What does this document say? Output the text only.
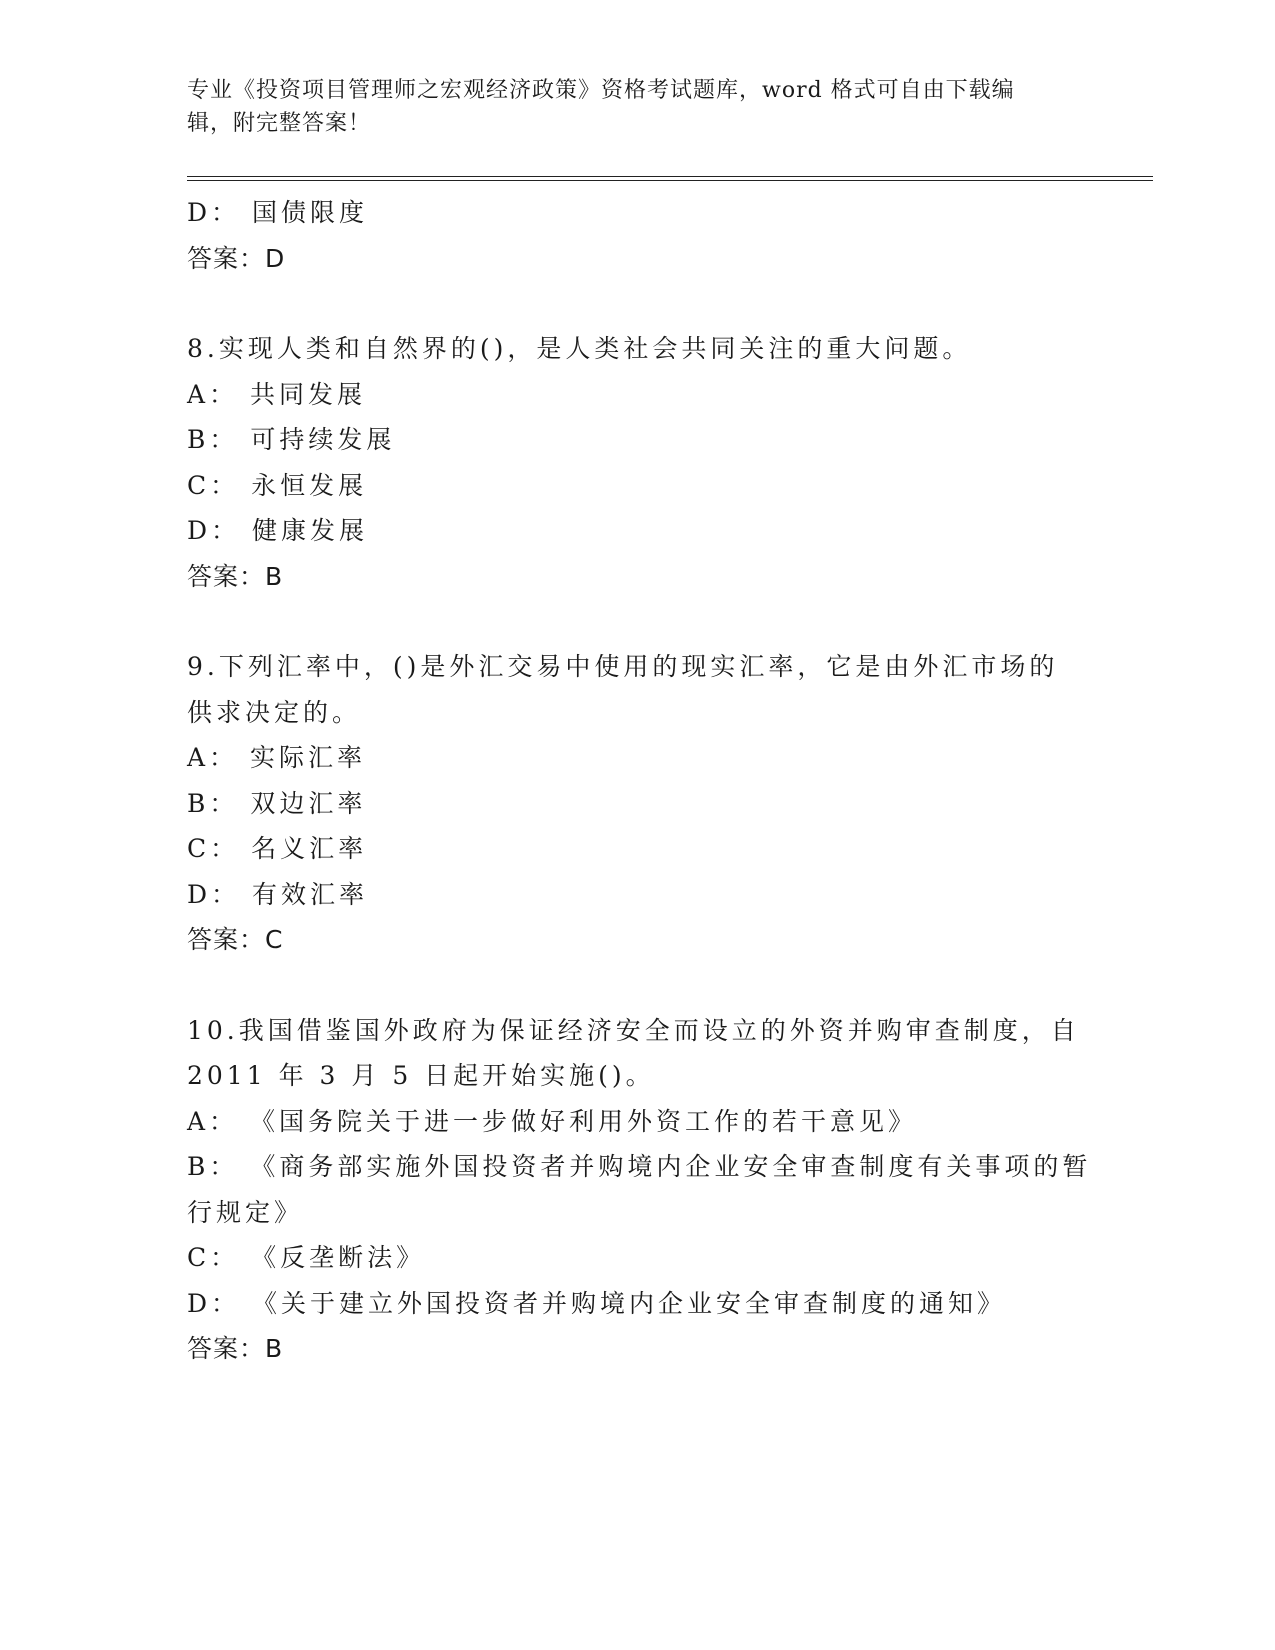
专业《投资项目管理师之宏观经济政策》资格考试题库，word 格式可自由下载编
辑，附完整答案！
D： 国债限度
答案：D
8.实现人类和自然界的()，是人类社会共同关注的重大问题。
A： 共同发展
B： 可持续发展
C： 永恒发展
D： 健康发展
答案：B
9.下列汇率中，()是外汇交易中使用的现实汇率，它是由外汇市场的
供求决定的。
A： 实际汇率
B： 双边汇率
C： 名义汇率
D： 有效汇率
答案：C
10.我国借鉴国外政府为保证经济安全而设立的外资并购审查制度，自
2011 年 3 月 5 日起开始实施()。
A： 《国务院关于进一步做好利用外资工作的若干意见》
B： 《商务部实施外国投资者并购境内企业安全审查制度有关事项的暂
行规定》
C： 《反垄断法》
D： 《关于建立外国投资者并购境内企业安全审查制度的通知》
答案：B
